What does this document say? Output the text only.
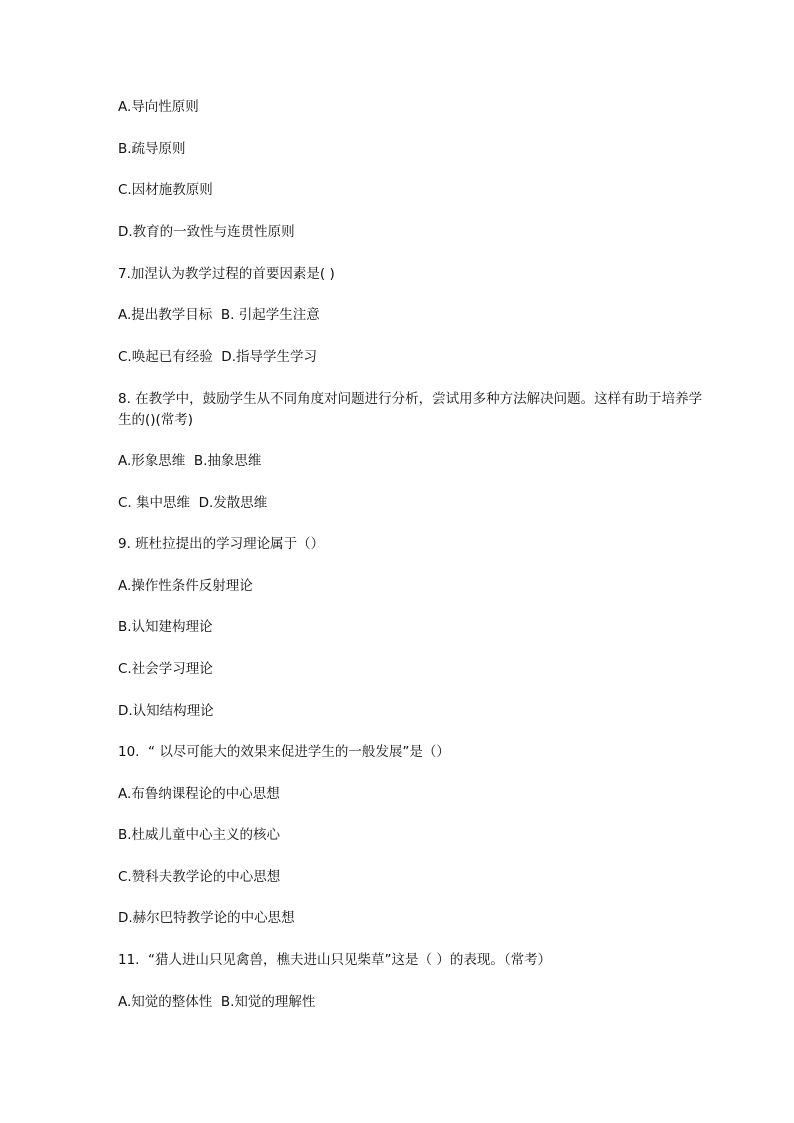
A.导向性原则
B.疏导原则
C.因材施教原则
D.教育的一致性与连贯性原则
7.加涅认为教学过程的首要因素是( )
A.提出教学目标  B. 引起学生注意
C.唤起已有经验  D.指导学生学习
8. 在教学中，鼓励学生从不同角度对问题进行分析，尝试用多种方法解决问题。这样有助于培养学生的()(常考)
A.形象思维  B.抽象思维
C. 集中思维  D.发散思维
9. 班杜拉提出的学习理论属于（）
A.操作性条件反射理论
B.认知建构理论
C.社会学习理论
D.认知结构理论
10.  “ 以尽可能大的效果来促进学生的一般发展”是（）
A.布鲁纳课程论的中心思想
B.杜威儿童中心主义的核心
C.赞科夫教学论的中心思想
D.赫尔巴特教学论的中心思想
11.  “猎人进山只见禽兽，樵夫进山只见柴草”这是（ ）的表现。（常考）
A.知觉的整体性  B.知觉的理解性
